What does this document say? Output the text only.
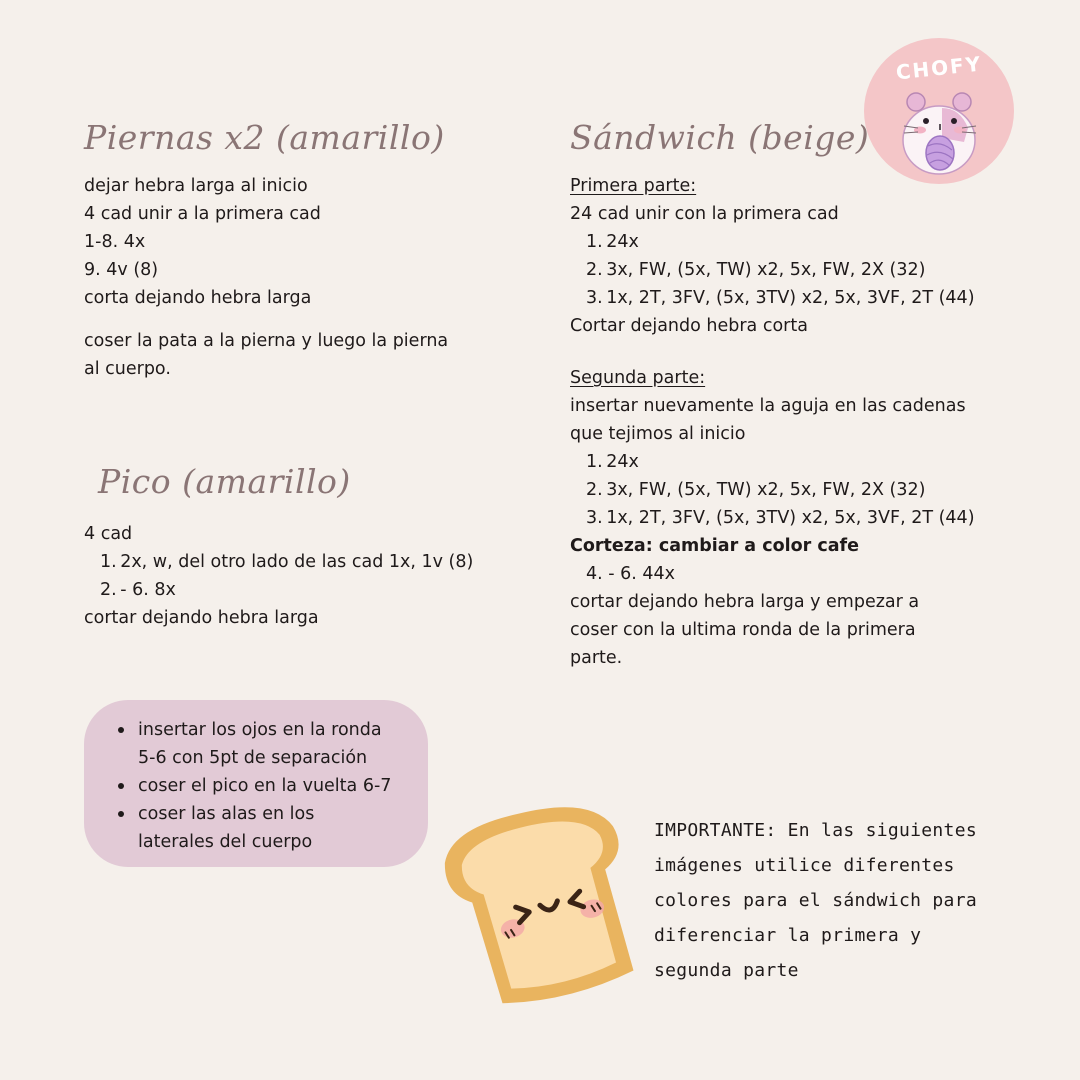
CHOFY
Piernas x2 (amarillo)
dejar hebra larga al inicio
4 cad unir a la primera cad
1-8. 4x
9. 4v (8)
corta dejando hebra larga
coser la pata a la pierna y luego la pierna
al cuerpo.
Pico (amarillo)
4 cad
1. 2x, w, del otro lado de las cad 1x, 1v (8)
2. - 6. 8x
cortar dejando hebra larga
Sándwich (beige)
Primera parte:
24 cad unir con la primera cad
1. 24x
2. 3x, FW, (5x, TW) x2, 5x, FW, 2X (32)
3. 1x, 2T, 3FV, (5x, 3TV) x2, 5x, 3VF, 2T (44)
Cortar dejando hebra corta
Segunda parte:
insertar nuevamente la aguja en las cadenas
que tejimos al inicio
1. 24x
2. 3x, FW, (5x, TW) x2, 5x, FW, 2X (32)
3. 1x, 2T, 3FV, (5x, 3TV) x2, 5x, 3VF, 2T (44)
Corteza: cambiar a color cafe
4. - 6. 44x
cortar dejando hebra larga y empezar a
coser con la ultima ronda de la primera
parte.
insertar los ojos en la ronda
5-6 con 5pt de separación
coser el pico en la vuelta 6-7
coser las alas en los
laterales del cuerpo
IMPORTANTE: En las siguientes
imágenes utilice diferentes
colores para el sándwich para
diferenciar la primera y
segunda parte
